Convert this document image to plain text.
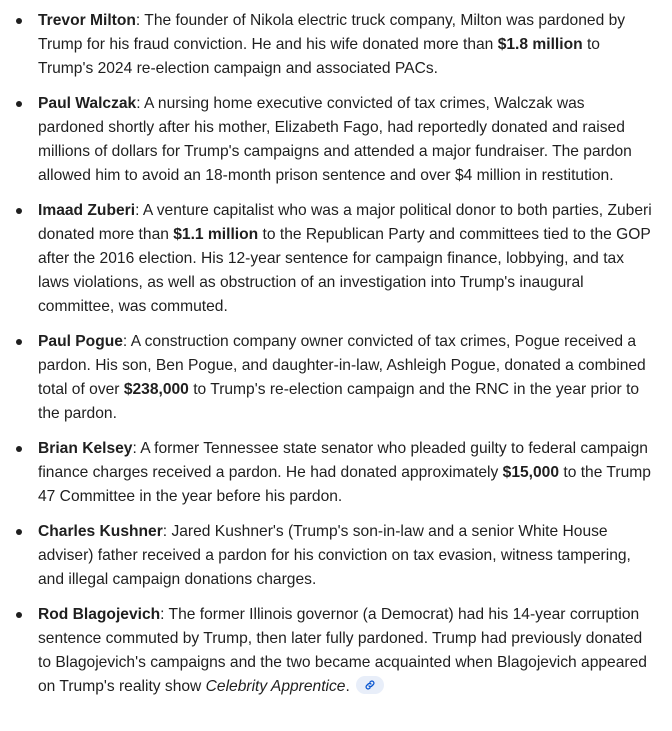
Trevor Milton: The founder of Nikola electric truck company, Milton was pardoned by Trump for his fraud conviction. He and his wife donated more than $1.8 million to Trump's 2024 re-election campaign and associated PACs.
Paul Walczak: A nursing home executive convicted of tax crimes, Walczak was pardoned shortly after his mother, Elizabeth Fago, had reportedly donated and raised millions of dollars for Trump's campaigns and attended a major fundraiser. The pardon allowed him to avoid an 18-month prison sentence and over $4 million in restitution.
Imaad Zuberi: A venture capitalist who was a major political donor to both parties, Zuberi donated more than $1.1 million to the Republican Party and committees tied to the GOP after the 2016 election. His 12-year sentence for campaign finance, lobbying, and tax laws violations, as well as obstruction of an investigation into Trump's inaugural committee, was commuted.
Paul Pogue: A construction company owner convicted of tax crimes, Pogue received a pardon. His son, Ben Pogue, and daughter-in-law, Ashleigh Pogue, donated a combined total of over $238,000 to Trump's re-election campaign and the RNC in the year prior to the pardon.
Brian Kelsey: A former Tennessee state senator who pleaded guilty to federal campaign finance charges received a pardon. He had donated approximately $15,000 to the Trump 47 Committee in the year before his pardon.
Charles Kushner: Jared Kushner's (Trump's son-in-law and a senior White House adviser) father received a pardon for his conviction on tax evasion, witness tampering, and illegal campaign donations charges.
Rod Blagojevich: The former Illinois governor (a Democrat) had his 14-year corruption sentence commuted by Trump, then later fully pardoned. Trump had previously donated to Blagojevich's campaigns and the two became acquainted when Blagojevich appeared on Trump's reality show Celebrity Apprentice.
